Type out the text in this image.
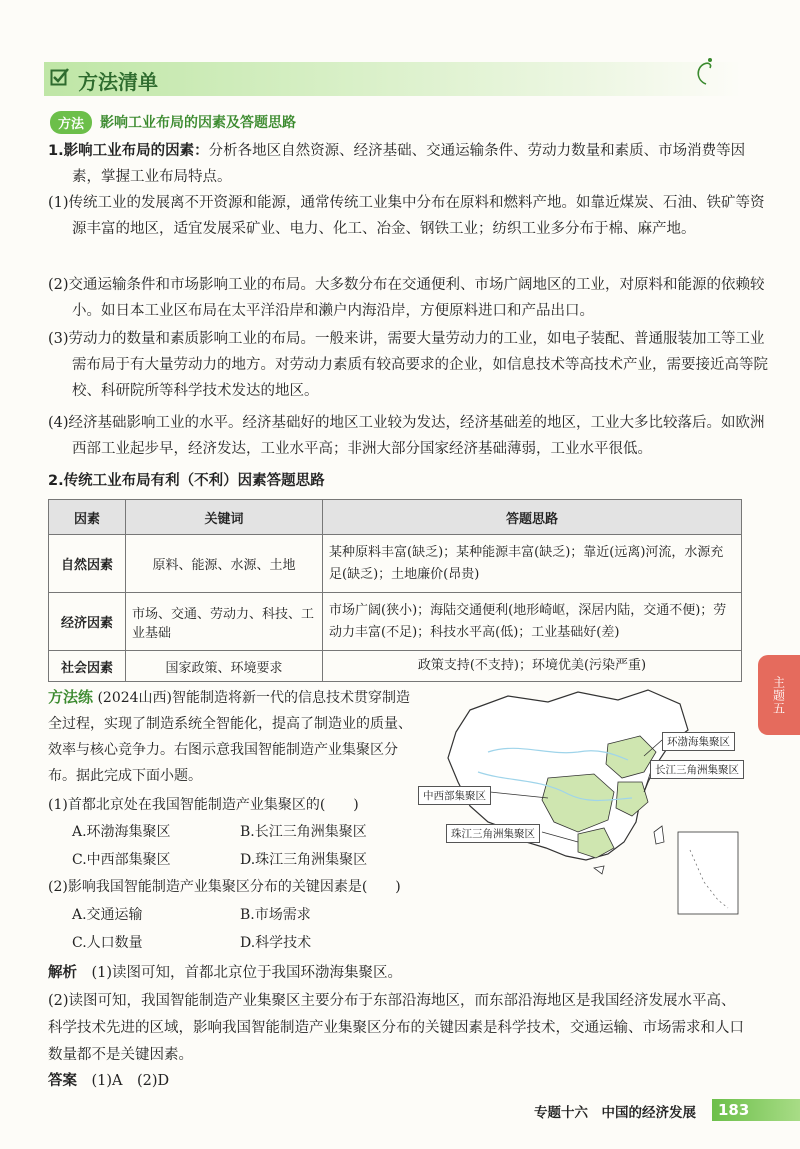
方法清单
方法	影响工业布局的因素及答题思路
1.影响工业布局的因素：分析各地区自然资源、经济基础、交通运输条件、劳动力数量和素质、市场消费等因素，掌握工业布局特点。
(1)传统工业的发展离不开资源和能源，通常传统工业集中分布在原料和燃料产地。如靠近煤炭、石油、铁矿等资源丰富的地区，适宜发展采矿业、电力、化工、冶金、钢铁工业；纺织工业多分布于棉、麻产地。
(2)交通运输条件和市场影响工业的布局。大多数分布在交通便利、市场广阔地区的工业，对原料和能源的依赖较小。如日本工业区布局在太平洋沿岸和濑户内海沿岸，方便原料进口和产品出口。
(3)劳动力的数量和素质影响工业的布局。一般来讲，需要大量劳动力的工业，如电子装配、普通服装加工等工业需布局于有大量劳动力的地方。对劳动力素质有较高要求的企业，如信息技术等高技术产业，需要接近高等院校、科研院所等科学技术发达的地区。
(4)经济基础影响工业的水平。经济基础好的地区工业较为发达，经济基础差的地区，工业大多比较落后。如欧洲西部工业起步早，经济发达，工业水平高；非洲大部分国家经济基础薄弱，工业水平很低。
2.传统工业布局有利（不利）因素答题思路
因素	关键词	答题思路
自然因素	原料、能源、水源、土地	某种原料丰富(缺乏)；某种能源丰富(缺乏)；靠近(远离)河流，水源充足(缺乏)；土地廉价(昂贵)
经济因素	市场、交通、劳动力、科技、工业基础	市场广阔(狭小)；海陆交通便利(地形崎岖，深居内陆，交通不便)；劳动力丰富(不足)；科技水平高(低)；工业基础好(差)
社会因素	国家政策、环境要求	政策支持(不支持)；环境优美(污染严重)
方法练 (2024山西)智能制造将新一代的信息技术贯穿制造全过程，实现了制造系统全智能化，提高了制造业的质量、效率与核心竞争力。右图示意我国智能制造产业集聚区分布。据此完成下面小题。
(1)首都北京处在我国智能制造产业集聚区的(　　)
A.环渤海集聚区	B.长江三角洲集聚区
C.中西部集聚区	D.珠江三角洲集聚区
(2)影响我国智能制造产业集聚区分布的关键因素是(　　)
A.交通运输	B.市场需求
C.人口数量	D.科学技术
环渤海集聚区
长江三角洲集聚区
中西部集聚区
珠江三角洲集聚区
解析　 (1)读图可知，首都北京位于我国环渤海集聚区。
(2)读图可知，我国智能制造产业集聚区主要分布于东部沿海地区，而东部沿海地区是我国经济发展水平高、科学技术先进的区域，影响我国智能制造产业集聚区分布的关键因素是科学技术，交通运输、市场需求和人口数量都不是关键因素。
答案　 (1)A　(2)D
主题五
专题十六　中国的经济发展	183
